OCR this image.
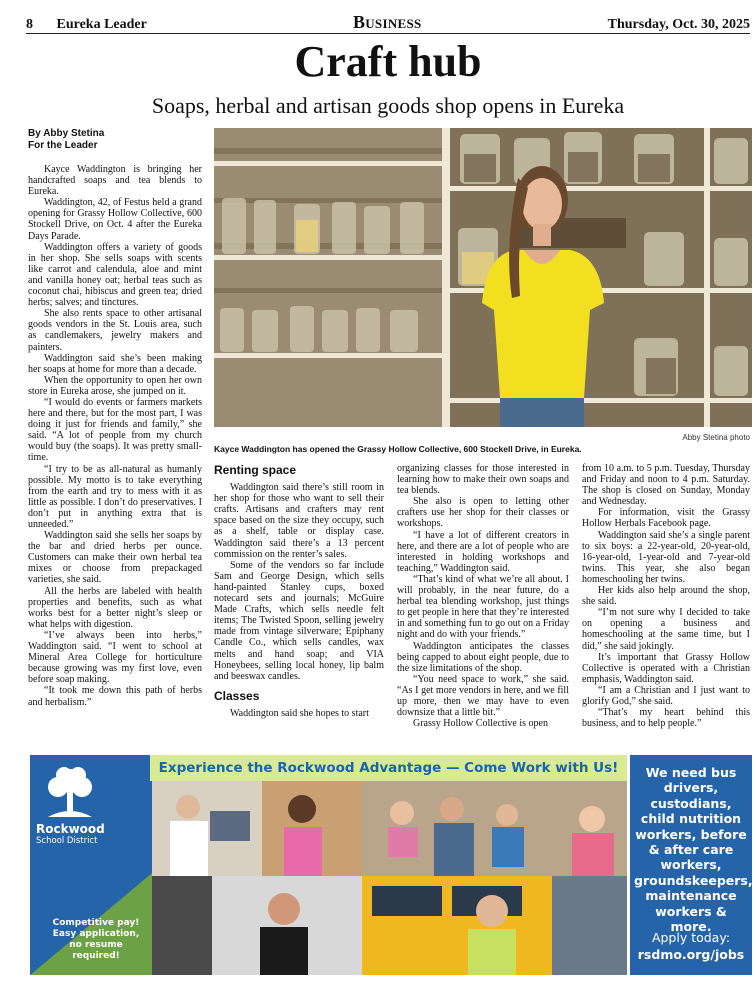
8 Eureka Leader	Business	Thursday, Oct. 30, 2025
Craft hub
Soaps, herbal and artisan goods shop opens in Eureka
By Abby Stetina
For the Leader
Abby Stetina photo
Kayce Waddington has opened the Grassy Hollow Collective, 600 Stockell Drive, in Eureka.

Kayce Waddington is bringing her handcrafted soaps and tea blends to Eureka.

Waddington, 42, of Festus held a grand opening for Grassy Hollow Collective, 600 Stockell Drive, on Oct. 4 after the Eureka Days Parade.

Waddington offers a variety of goods in her shop. She sells soaps with scents like carrot and calendula, aloe and mint and vanilla honey oat; herbal teas such as coconut chai, hibiscus and green tea; dried herbs; salves; and tinctures.

She also rents space to other artisanal goods vendors in the St. Louis area, such as candlemakers, jewelry makers and painters.

Waddington said she’s been making her soaps at home for more than a decade.

When the opportunity to open her own store in Eureka arose, she jumped on it.

“I would do events or farmers markets here and there, but for the most part, I was doing it just for friends and family,” she said. “A lot of people from my church would buy (the soaps). It was pretty small-time.

“I try to be as all-natural as humanly possible. My motto is to take everything from the earth and try to mess with it as little as possible. I don’t do preservatives. I don’t put in anything extra that is unneeded.”

Waddington said she sells her soaps by the bar and dried herbs per ounce. Customers can make their own herbal tea mixes or choose from prepackaged varieties, she said.

All the herbs are labeled with health properties and benefits, such as what works best for a better night’s sleep or what helps with digestion.

“I’ve always been into herbs,” Waddington said. “I went to school at Mineral Area College for horticulture because growing was my first love, even before soap making.

“It took me down this path of herbs and herbalism.”

Renting space

Waddington said there’s still room in her shop for those who want to sell their crafts. Artisans and crafters may rent space based on the size they occupy, such as a shelf, table or display case. Waddington said there’s a 13 percent commission on the renter’s sales.

Some of the vendors so far include Sam and George Design, which sells hand-painted Stanley cups, boxed notecard sets and journals; McGuire Made Crafts, which sells needle felt items; The Twisted Spoon, selling jewelry made from vintage silverware; Epiphany Candle Co., which sells candles, wax melts and hand soap; and VIA Honeybees, selling local honey, lip balm and beeswax candles.

Classes

Waddington said she hopes to start

organizing classes for those interested in learning how to make their own soaps and tea blends.

She also is open to letting other crafters use her shop for their classes or workshops.

“I have a lot of different creators in here, and there are a lot of people who are interested in holding workshops and teaching,” Waddington said.

“That’s kind of what we’re all about. I will probably, in the near future, do a herbal tea blending workshop, just things to get people in here that they’re interested in and something fun to go out on a Friday night and do with your friends.”

Waddington anticipates the classes being capped to about eight people, due to the size limitations of the shop.

“You need space to work,” she said. “As I get more vendors in here, and we fill up more, then we may have to even downsize that a little bit.”

Grassy Hollow Collective is open

from 10 a.m. to 5 p.m. Tuesday, Thursday and Friday and noon to 4 p.m. Saturday. The shop is closed on Sunday, Monday and Wednesday.

For information, visit the Grassy Hollow Herbals Facebook page.

Waddington said she’s a single parent to six boys: a 22-year-old, 20-year-old, 16-year-old, 1-year-old and 7-year-old twins. This year, she also began homeschooling her twins.

Her kids also help around the shop, she said.

“I’m not sure why I decided to take on opening a business and homeschooling at the same time, but I did,” she said jokingly.

It’s important that Grassy Hollow Collective is operated with a Christian emphasis, Waddington said.

“I am a Christian and I just want to glorify God,” she said.

“That’s my heart behind this business, and to help people.”

Rockwood
School District
Competitive pay! Easy application, no resume required!
Experience the Rockwood Advantage — Come Work with Us!	We need bus drivers, custodians, child nutrition workers, before & after care workers, groundskeepers, maintenance workers & more.
Apply today:
rsdmo.org/jobs
